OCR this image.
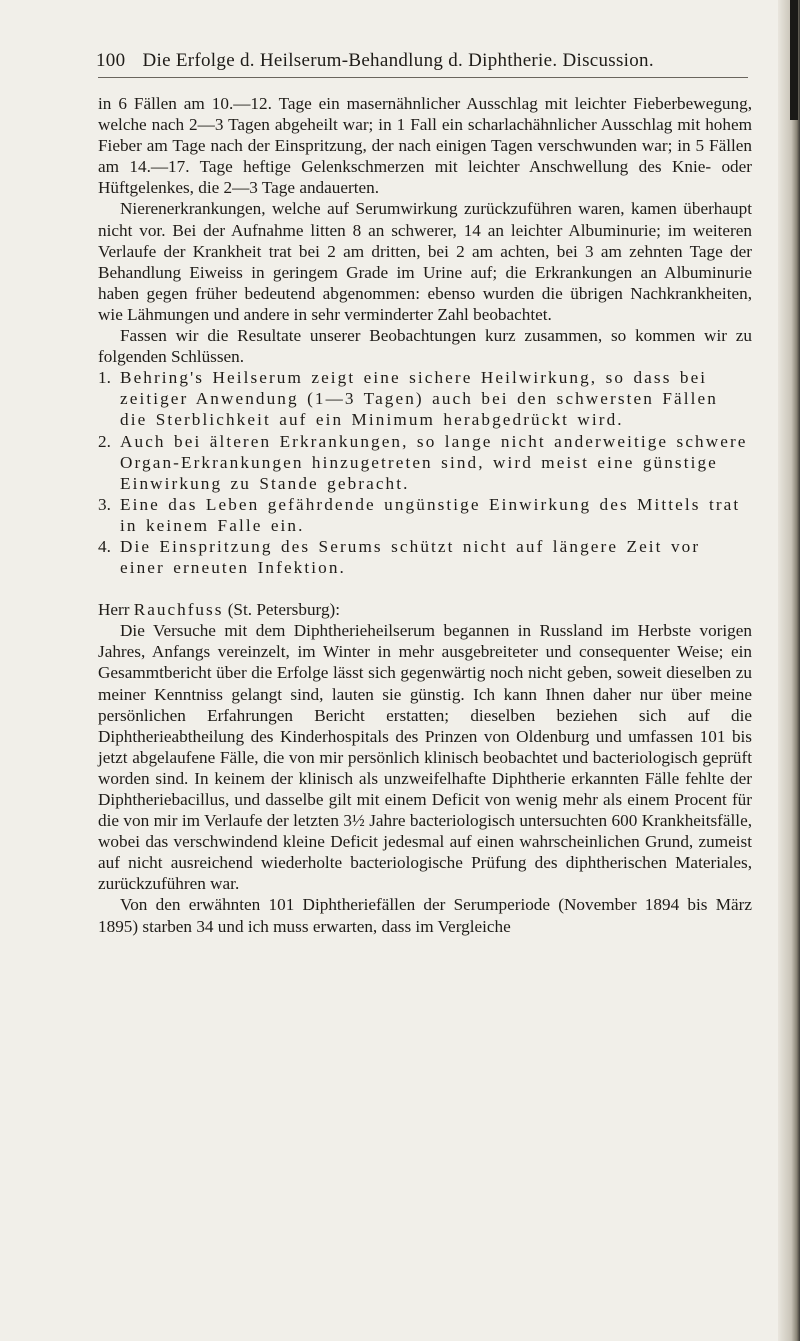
100 Die Erfolge d. Heilserum-Behandlung d. Diphtherie. Discussion.

in 6 Fällen am 10.—12. Tage ein masernähnlicher Ausschlag mit leichter Fieberbewegung, welche nach 2—3 Tagen abgeheilt war; in 1 Fall ein scharlachähnlicher Ausschlag mit hohem Fieber am Tage nach der Einspritzung, der nach einigen Tagen verschwunden war; in 5 Fällen am 14.—17. Tage heftige Gelenkschmerzen mit leichter Anschwellung des Knie- oder Hüftgelenkes, die 2—3 Tage andauerten.

Nierenerkrankungen, welche auf Serumwirkung zurückzuführen waren, kamen überhaupt nicht vor. Bei der Aufnahme litten 8 an schwerer, 14 an leichter Albuminurie; im weiteren Verlaufe der Krankheit trat bei 2 am dritten, bei 2 am achten, bei 3 am zehnten Tage der Behandlung Eiweiss in geringem Grade im Urine auf; die Erkrankungen an Albuminurie haben gegen früher bedeutend abgenommen: ebenso wurden die übrigen Nachkrankheiten, wie Lähmungen und andere in sehr verminderter Zahl beobachtet.

Fassen wir die Resultate unserer Beobachtungen kurz zusammen, so kommen wir zu folgenden Schlüssen.

1. Behring's Heilserum zeigt eine sichere Heilwirkung, so dass bei zeitiger Anwendung (1—3 Tagen) auch bei den schwersten Fällen die Sterblichkeit auf ein Minimum herabgedrückt wird.
2. Auch bei älteren Erkrankungen, so lange nicht anderweitige schwere Organ-Erkrankungen hinzugetreten sind, wird meist eine günstige Einwirkung zu Stande gebracht.
3. Eine das Leben gefährdende ungünstige Einwirkung des Mittels trat in keinem Falle ein.
4. Die Einspritzung des Serums schützt nicht auf längere Zeit vor einer erneuten Infektion.

Herr Rauchfuss (St. Petersburg):

Die Versuche mit dem Diphtherieheilserum begannen in Russland im Herbste vorigen Jahres, Anfangs vereinzelt, im Winter in mehr ausgebreiteter und consequenter Weise; ein Gesammtbericht über die Erfolge lässt sich gegenwärtig noch nicht geben, soweit dieselben zu meiner Kenntniss gelangt sind, lauten sie günstig. Ich kann Ihnen daher nur über meine persönlichen Erfahrungen Bericht erstatten; dieselben beziehen sich auf die Diphtherieabtheilung des Kinderhospitals des Prinzen von Oldenburg und umfassen 101 bis jetzt abgelaufene Fälle, die von mir persönlich klinisch beobachtet und bacteriologisch geprüft worden sind. In keinem der klinisch als unzweifelhafte Diphtherie erkannten Fälle fehlte der Diphtheriebacillus, und dasselbe gilt mit einem Deficit von wenig mehr als einem Procent für die von mir im Verlaufe der letzten 3½ Jahre bacteriologisch untersuchten 600 Krankheitsfälle, wobei das verschwindend kleine Deficit jedesmal auf einen wahrscheinlichen Grund, zumeist auf nicht ausreichend wiederholte bacteriologische Prüfung des diphtherischen Materiales, zurückzuführen war.

Von den erwähnten 101 Diphtheriefällen der Serumperiode (November 1894 bis März 1895) starben 34 und ich muss erwarten, dass im Vergleiche
